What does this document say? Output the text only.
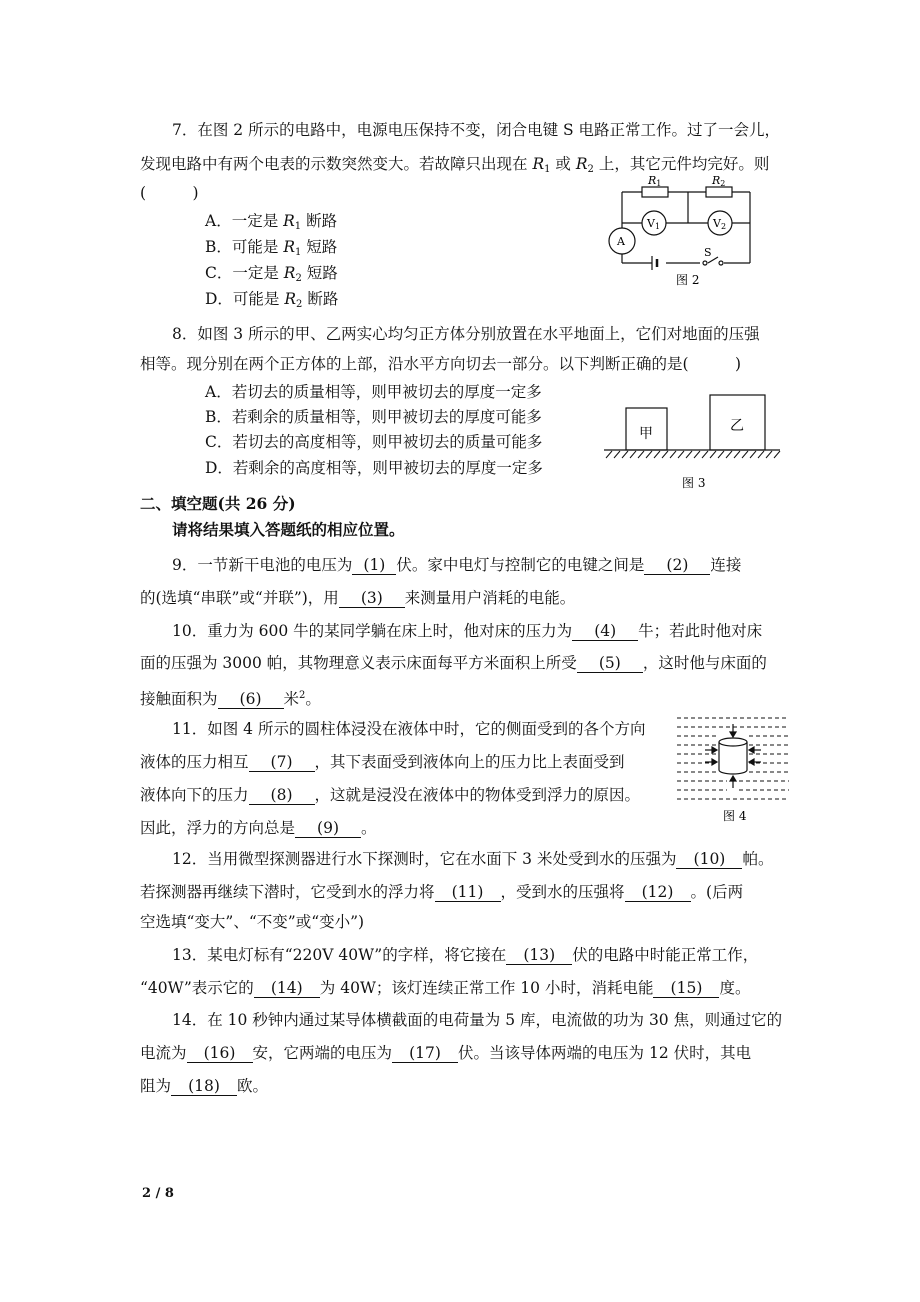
7．在图 2 所示的电路中，电源电压保持不变，闭合电键 S 电路正常工作。过了一会儿，
发现电路中有两个电表的示数突然变大。若故障只出现在 $R_1$ 或 $R_2$ 上，其它元件均完好。则
(　　　)
A．一定是 $R_1$ 断路
B．可能是 $R_1$ 短路
C．一定是 $R_2$ 短路
D．可能是 $R_2$ 断路
R1	R2
V1	V2
A
S
图 2
8．如图 3 所示的甲、乙两实心均匀正方体分别放置在水平地面上，它们对地面的压强
相等。现分别在两个正方体的上部，沿水平方向切去一部分。以下判断正确的是(　　　)
A．若切去的质量相等，则甲被切去的厚度一定多
B．若剩余的质量相等，则甲被切去的厚度可能多
C．若切去的高度相等，则甲被切去的质量可能多
D．若剩余的高度相等，则甲被切去的厚度一定多
甲	乙
图 3
二、填空题(共 26 分)
请将结果填入答题纸的相应位置。
9．一节新干电池的电压为 (1) 伏。家中电灯与控制它的电键之间是 (2) 连接
的(选填“串联”或“并联”)，用 (3) 来测量用户消耗的电能。
10．重力为 600 牛的某同学躺在床上时，他对床的压力为 (4) 牛；若此时他对床
面的压强为 3000 帕，其物理意义表示床面每平方米面积上所受 (5) ，这时他与床面的
接触面积为 (6) 米$^2$。
11．如图 4 所示的圆柱体浸没在液体中时，它的侧面受到的各个方向
液体的压力相互 (7) ，其下表面受到液体向上的压力比上表面受到
液体向下的压力 (8) ，这就是浸没在液体中的物体受到浮力的原因。
因此，浮力的方向总是 (9) 。
图 4
12．当用微型探测器进行水下探测时，它在水面下 3 米处受到水的压强为 (10) 帕。
若探测器再继续下潜时，它受到水的浮力将 (11) ，受到水的压强将 (12) 。(后两
空选填“变大”、“不变”或“变小”)
13．某电灯标有“220V 40W”的字样，将它接在 (13) 伏的电路中时能正常工作，
“40W”表示它的 (14) 为 40W；该灯连续正常工作 10 小时，消耗电能 (15) 度。
14．在 10 秒钟内通过某导体横截面的电荷量为 5 库，电流做的功为 30 焦，则通过它的
电流为 (16) 安，它两端的电压为 (17) 伏。当该导体两端的电压为 12 伏时，其电
阻为 (18) 欧。
2 / 8
